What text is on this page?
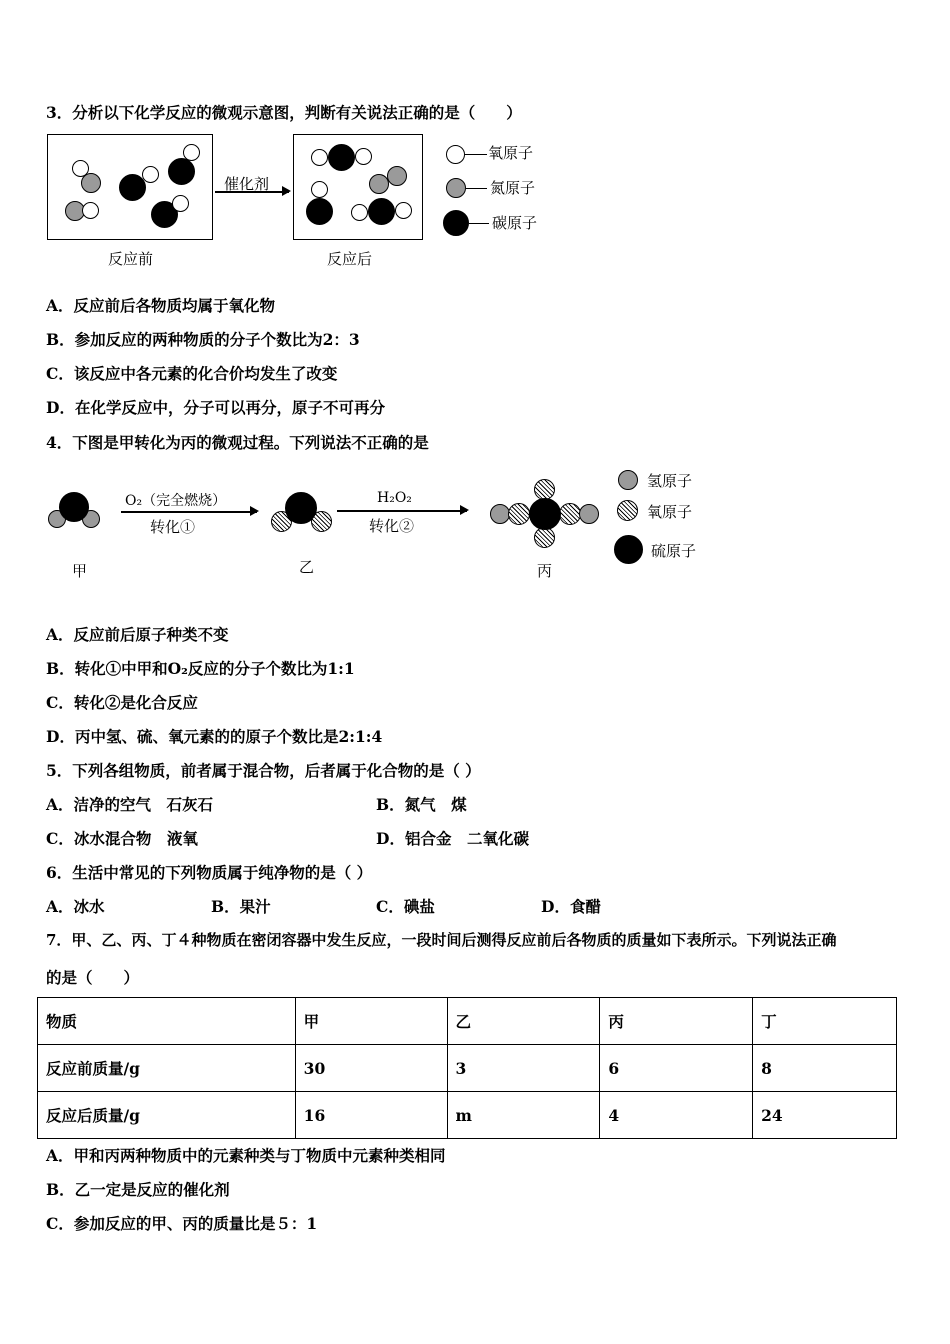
3．分析以下化学反应的微观示意图，判断有关说法正确的是（　　）
催化剂
反应前	反应后
氧原子
氮原子
碳原子
A．反应前后各物质均属于氧化物
B．参加反应的两种物质的分子个数比为2：3
C．该反应中各元素的化合价均发生了改变
D．在化学反应中，分子可以再分，原子不可再分
4．下图是甲转化为丙的微观过程。下列说法不正确的是
甲
O₂（完全燃烧）
转化①
乙
H₂O₂
转化②
丙
氢原子
氧原子
硫原子
A．反应前后原子种类不变
B．转化①中甲和O₂反应的分子个数比为1:1
C．转化②是化合反应
D．丙中氢、硫、氧元素的的原子个数比是2:1:4
5．下列各组物质，前者属于混合物，后者属于化合物的是（ ）
A．洁净的空气　石灰石	B．氮气　煤
C．冰水混合物　液氧	D．铝合金　二氧化碳
6．生活中常见的下列物质属于纯净物的是（ ）
A．冰水	B．果汁	C．碘盐	D．食醋
7．甲、乙、丙、丁４种物质在密闭容器中发生反应，一段时间后测得反应前后各物质的质量如下表所示。下列说法正确
的是（　　）
物质	甲	乙	丙	丁
反应前质量/g	30	3	6	8
反应后质量/g	16	m	4	24
A．甲和丙两种物质中的元素种类与丁物质中元素种类相同
B．乙一定是反应的催化剂
C．参加反应的甲、丙的质量比是５：1
